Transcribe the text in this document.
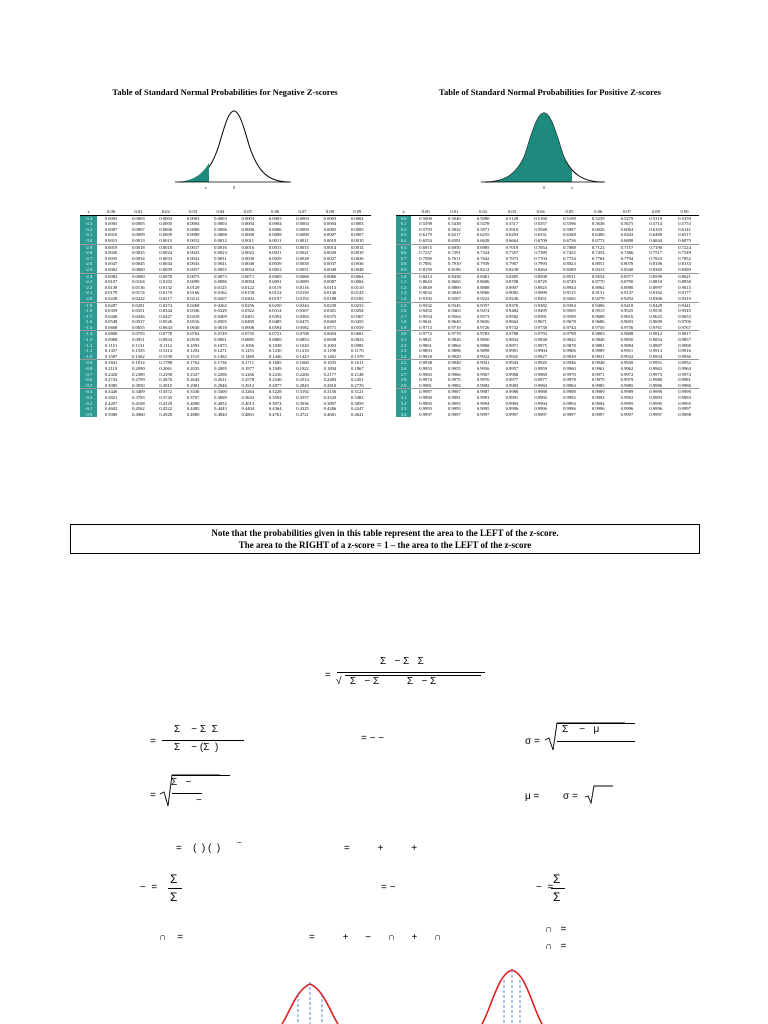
Table of Standard Normal Probabilities for Negative Z-scores	Table of Standard Normal Probabilities for Positive Z-scores
z	0	0	z
z	0.00	0.01	0.02	0.03	0.04	0.05	0.06	0.07	0.08	0.09
-3.4	0.0003	0.0003	0.0003	0.0003	0.0003	0.0003	0.0003	0.0003	0.0003	0.0002
-3.3	0.0005	0.0005	0.0005	0.0004	0.0004	0.0004	0.0004	0.0004	0.0004	0.0003
-3.2	0.0007	0.0007	0.0006	0.0006	0.0006	0.0006	0.0006	0.0005	0.0005	0.0005
-3.1	0.0010	0.0009	0.0009	0.0009	0.0008	0.0008	0.0008	0.0008	0.0007	0.0007
-3.0	0.0013	0.0013	0.0013	0.0012	0.0012	0.0011	0.0011	0.0011	0.0010	0.0010
-2.9	0.0019	0.0018	0.0018	0.0017	0.0016	0.0016	0.0015	0.0015	0.0014	0.0014
-2.8	0.0026	0.0025	0.0024	0.0023	0.0023	0.0022	0.0021	0.0021	0.0020	0.0019
-2.7	0.0035	0.0034	0.0033	0.0032	0.0031	0.0030	0.0029	0.0028	0.0027	0.0026
-2.6	0.0047	0.0045	0.0044	0.0043	0.0041	0.0040	0.0039	0.0038	0.0037	0.0036
-2.5	0.0062	0.0060	0.0059	0.0057	0.0055	0.0054	0.0052	0.0051	0.0049	0.0048
-2.4	0.0082	0.0080	0.0078	0.0075	0.0073	0.0071	0.0069	0.0068	0.0066	0.0064
-2.3	0.0107	0.0104	0.0102	0.0099	0.0096	0.0094	0.0091	0.0089	0.0087	0.0084
-2.2	0.0139	0.0136	0.0132	0.0129	0.0125	0.0122	0.0119	0.0116	0.0113	0.0110
-2.1	0.0179	0.0174	0.0170	0.0166	0.0162	0.0158	0.0154	0.0150	0.0146	0.0143
-2.0	0.0228	0.0222	0.0217	0.0212	0.0207	0.0202	0.0197	0.0192	0.0188	0.0183
-1.9	0.0287	0.0281	0.0274	0.0268	0.0262	0.0256	0.0250	0.0244	0.0239	0.0233
-1.8	0.0359	0.0351	0.0344	0.0336	0.0329	0.0322	0.0314	0.0307	0.0301	0.0294
-1.7	0.0446	0.0436	0.0427	0.0418	0.0409	0.0401	0.0392	0.0384	0.0375	0.0367
-1.6	0.0548	0.0537	0.0526	0.0516	0.0505	0.0495	0.0485	0.0475	0.0465	0.0455
-1.5	0.0668	0.0655	0.0643	0.0630	0.0618	0.0606	0.0594	0.0582	0.0571	0.0559
-1.4	0.0808	0.0793	0.0778	0.0764	0.0749	0.0735	0.0721	0.0708	0.0694	0.0681
-1.3	0.0968	0.0951	0.0934	0.0918	0.0901	0.0885	0.0869	0.0853	0.0838	0.0823
-1.2	0.1151	0.1131	0.1112	0.1093	0.1075	0.1056	0.1038	0.1020	0.1003	0.0985
-1.1	0.1357	0.1335	0.1314	0.1292	0.1271	0.1251	0.1230	0.1210	0.1190	0.1170
-1.0	0.1587	0.1562	0.1539	0.1515	0.1492	0.1469	0.1446	0.1423	0.1401	0.1379
-0.9	0.1841	0.1814	0.1788	0.1762	0.1736	0.1711	0.1685	0.1660	0.1635	0.1611
-0.8	0.2119	0.2090	0.2061	0.2033	0.2005	0.1977	0.1949	0.1922	0.1894	0.1867
-0.7	0.2420	0.2389	0.2358	0.2327	0.2296	0.2266	0.2236	0.2206	0.2177	0.2148
-0.6	0.2743	0.2709	0.2676	0.2643	0.2611	0.2578	0.2546	0.2514	0.2483	0.2451
-0.5	0.3085	0.3050	0.3015	0.2981	0.2946	0.2912	0.2877	0.2843	0.2810	0.2776
-0.4	0.3446	0.3409	0.3372	0.3336	0.3300	0.3264	0.3228	0.3192	0.3156	0.3121
-0.3	0.3821	0.3783	0.3745	0.3707	0.3669	0.3632	0.3594	0.3557	0.3520	0.3483
-0.2	0.4207	0.4168	0.4129	0.4090	0.4052	0.4013	0.3974	0.3936	0.3897	0.3859
-0.1	0.4602	0.4562	0.4522	0.4483	0.4443	0.4404	0.4364	0.4325	0.4286	0.4247
-0.0	0.5000	0.4960	0.4920	0.4880	0.4840	0.4801	0.4761	0.4721	0.4681	0.4641
z	0.00	0.01	0.02	0.03	0.04	0.05	0.06	0.07	0.08	0.09
0.0	0.5000	0.5040	0.5080	0.5120	0.5160	0.5199	0.5239	0.5279	0.5319	0.5359
0.1	0.5398	0.5438	0.5478	0.5517	0.5557	0.5596	0.5636	0.5675	0.5714	0.5753
0.2	0.5793	0.5832	0.5871	0.5910	0.5948	0.5987	0.6026	0.6064	0.6103	0.6141
0.3	0.6179	0.6217	0.6255	0.6293	0.6331	0.6368	0.6406	0.6443	0.6480	0.6517
0.4	0.6554	0.6591	0.6628	0.6664	0.6700	0.6736	0.6772	0.6808	0.6844	0.6879
0.5	0.6915	0.6950	0.6985	0.7019	0.7054	0.7088	0.7123	0.7157	0.7190	0.7224
0.6	0.7257	0.7291	0.7324	0.7357	0.7389	0.7422	0.7454	0.7486	0.7517	0.7549
0.7	0.7580	0.7611	0.7642	0.7673	0.7704	0.7734	0.7764	0.7794	0.7823	0.7852
0.8	0.7881	0.7910	0.7939	0.7967	0.7995	0.8023	0.8051	0.8078	0.8106	0.8133
0.9	0.8159	0.8186	0.8212	0.8238	0.8264	0.8289	0.8315	0.8340	0.8365	0.8389
1.0	0.8413	0.8438	0.8461	0.8485	0.8508	0.8531	0.8554	0.8577	0.8599	0.8621
1.1	0.8643	0.8665	0.8686	0.8708	0.8729	0.8749	0.8770	0.8790	0.8810	0.8830
1.2	0.8849	0.8869	0.8888	0.8907	0.8925	0.8944	0.8962	0.8980	0.8997	0.9015
1.3	0.9032	0.9049	0.9066	0.9082	0.9099	0.9115	0.9131	0.9147	0.9162	0.9177
1.4	0.9192	0.9207	0.9222	0.9236	0.9251	0.9265	0.9279	0.9292	0.9306	0.9319
1.5	0.9332	0.9345	0.9357	0.9370	0.9382	0.9394	0.9406	0.9418	0.9429	0.9441
1.6	0.9452	0.9463	0.9474	0.9484	0.9495	0.9505	0.9515	0.9525	0.9535	0.9545
1.7	0.9554	0.9564	0.9573	0.9582	0.9591	0.9599	0.9608	0.9616	0.9625	0.9633
1.8	0.9641	0.9649	0.9656	0.9664	0.9671	0.9678	0.9686	0.9693	0.9699	0.9706
1.9	0.9713	0.9719	0.9726	0.9732	0.9738	0.9744	0.9750	0.9756	0.9761	0.9767
2.0	0.9772	0.9778	0.9783	0.9788	0.9793	0.9798	0.9803	0.9808	0.9812	0.9817
2.1	0.9821	0.9826	0.9830	0.9834	0.9838	0.9842	0.9846	0.9850	0.9854	0.9857
2.2	0.9861	0.9864	0.9868	0.9871	0.9875	0.9878	0.9881	0.9884	0.9887	0.9890
2.3	0.9893	0.9896	0.9898	0.9901	0.9904	0.9906	0.9909	0.9911	0.9913	0.9916
2.4	0.9918	0.9920	0.9922	0.9925	0.9927	0.9929	0.9931	0.9932	0.9934	0.9936
2.5	0.9938	0.9940	0.9941	0.9943	0.9945	0.9946	0.9948	0.9949	0.9951	0.9952
2.6	0.9953	0.9955	0.9956	0.9957	0.9959	0.9960	0.9961	0.9962	0.9963	0.9964
2.7	0.9965	0.9966	0.9967	0.9968	0.9969	0.9970	0.9971	0.9972	0.9973	0.9974
2.8	0.9974	0.9975	0.9976	0.9977	0.9977	0.9978	0.9979	0.9979	0.9980	0.9981
2.9	0.9981	0.9982	0.9982	0.9983	0.9984	0.9984	0.9985	0.9985	0.9986	0.9986
3.0	0.9987	0.9987	0.9987	0.9988	0.9988	0.9989	0.9989	0.9989	0.9990	0.9990
3.1	0.9990	0.9991	0.9991	0.9991	0.9992	0.9992	0.9992	0.9992	0.9993	0.9993
3.2	0.9993	0.9993	0.9994	0.9994	0.9994	0.9994	0.9994	0.9995	0.9995	0.9995
3.3	0.9995	0.9995	0.9995	0.9996	0.9996	0.9996	0.9996	0.9996	0.9996	0.9997
3.4	0.9997	0.9997	0.9997	0.9997	0.9997	0.9997	0.9997	0.9997	0.9997	0.9998
Note that the probabilities given in this table represent the area to the LEFT of the z-score.
The area to the RIGHT of a z-score = 1 – the area to the LEFT of the z-score
=
Σ   − Σ   Σ
√   Σ   − Σ          Σ   − Σ
=
Σ    − Σ  Σ
Σ    − (Σ  )
= − −	σ =
Σ    −   μ
=
Σ   −
−	μ = σ =
=    (  ) (  )
−
=          +          +
−  =
Σ
Σ
= −	−  =
Σ
Σ
∩    =	=          +      −      ∩      +      ∩
∩   =
∩   =
